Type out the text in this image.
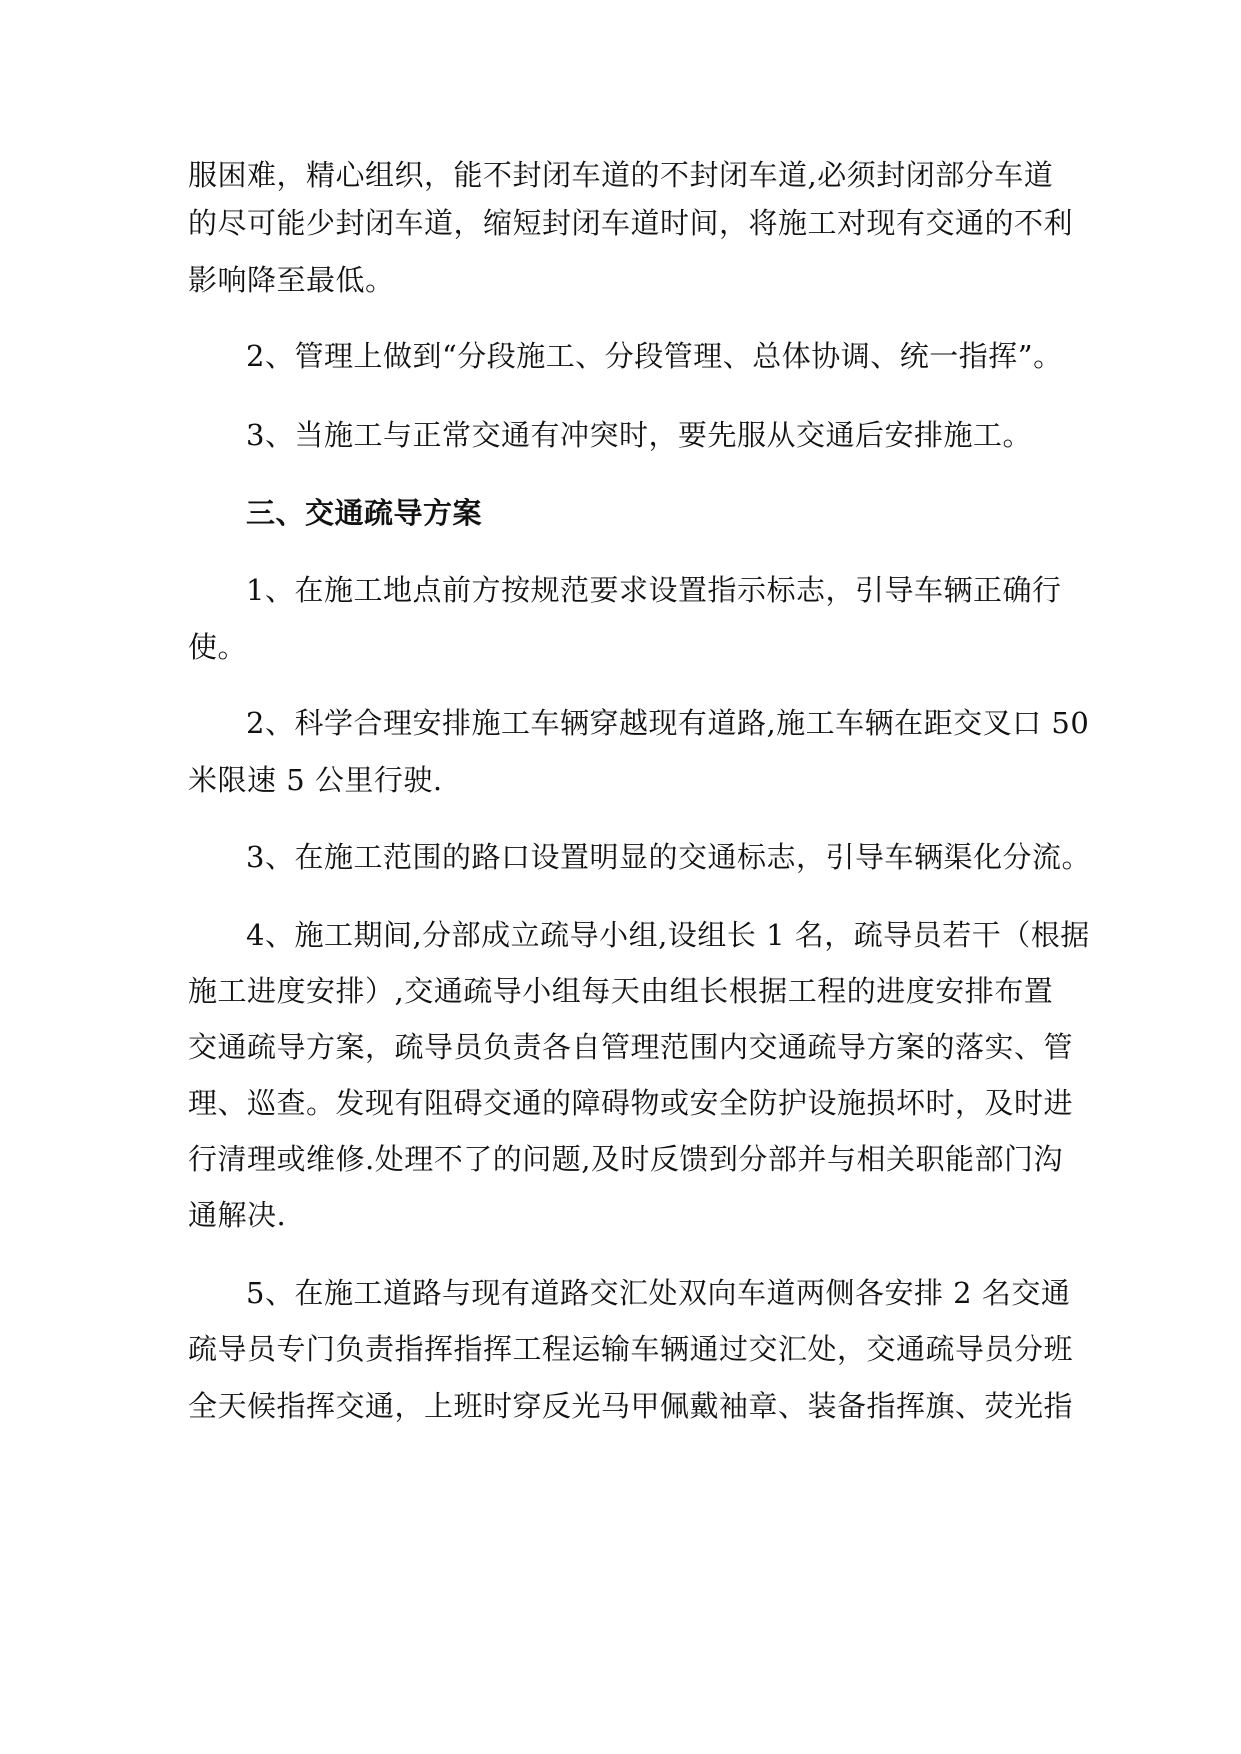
服困难，精心组织，能不封闭车道的不封闭车道,必须封闭部分车道
的尽可能少封闭车道，缩短封闭车道时间，将施工对现有交通的不利
影响降至最低。
2、管理上做到“分段施工、分段管理、总体协调、统一指挥”。
3、当施工与正常交通有冲突时，要先服从交通后安排施工。
三、交通疏导方案
1、在施工地点前方按规范要求设置指示标志，引导车辆正确行
使。
2、科学合理安排施工车辆穿越现有道路,施工车辆在距交叉口 50
米限速 5 公里行驶.
3、在施工范围的路口设置明显的交通标志，引导车辆渠化分流。
4、施工期间,分部成立疏导小组,设组长 1 名，疏导员若干（根据
施工进度安排）,交通疏导小组每天由组长根据工程的进度安排布置
交通疏导方案，疏导员负责各自管理范围内交通疏导方案的落实、管
理、巡查。发现有阻碍交通的障碍物或安全防护设施损坏时，及时进
行清理或维修.处理不了的问题,及时反馈到分部并与相关职能部门沟
通解决.
5、在施工道路与现有道路交汇处双向车道两侧各安排 2 名交通
疏导员专门负责指挥指挥工程运输车辆通过交汇处，交通疏导员分班
全天候指挥交通，上班时穿反光马甲佩戴袖章、装备指挥旗、荧光指
